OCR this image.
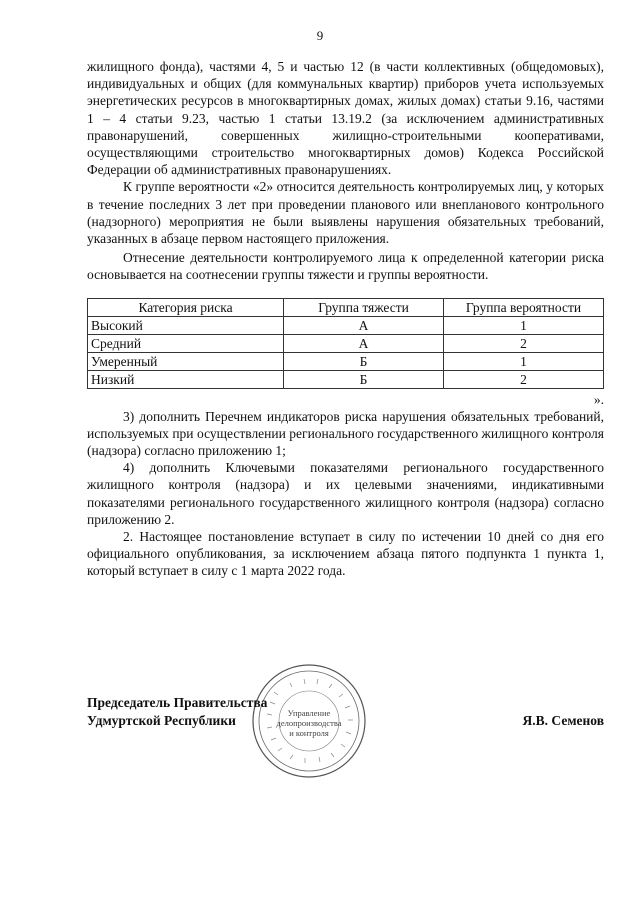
9

жилищного фонда), частями 4, 5 и частью 12 (в части коллективных (общедомовых), индивидуальных и общих (для коммунальных квартир) приборов учета используемых энергетических ресурсов в многоквартирных домах, жилых домах) статьи 9.16, частями 1 – 4 статьи 9.23, частью 1 статьи 13.19.2 (за исключением административных правонарушений, совершенных жилищно-строительными кооперативами, осуществляющими строительство многоквартирных домов) Кодекса Российской Федерации об административных правонарушениях.

К группе вероятности «2» относится деятельность контролируемых лиц, у которых в течение последних 3 лет при проведении планового или внепланового контрольного (надзорного) мероприятия не были выявлены нарушения обязательных требований, указанных в абзаце первом настоящего приложения.

Отнесение деятельности контролируемого лица к определенной категории риска основывается на соотнесении группы тяжести и группы вероятности.

Категория риска	Группа тяжести	Группа вероятности
Высокий	А	1
Средний	А	2
Умеренный	Б	1
Низкий	Б	2

».

3) дополнить Перечнем индикаторов риска нарушения обязательных требований, используемых при осуществлении регионального государственного жилищного контроля (надзора) согласно приложению 1;

4) дополнить Ключевыми показателями регионального государственного жилищного контроля (надзора) и их целевыми значениями, индикативными показателями регионального государственного жилищного контроля (надзора) согласно приложению 2.

2. Настоящее постановление вступает в силу по истечении 10 дней со дня его официального опубликования, за исключением абзаца пятого подпункта 1 пункта 1, который вступает в силу с 1 марта 2022 года.

Управление
делопроизводства
и контроля
Председатель Правительства
Удмуртской Республики	Я.В. Семенов
